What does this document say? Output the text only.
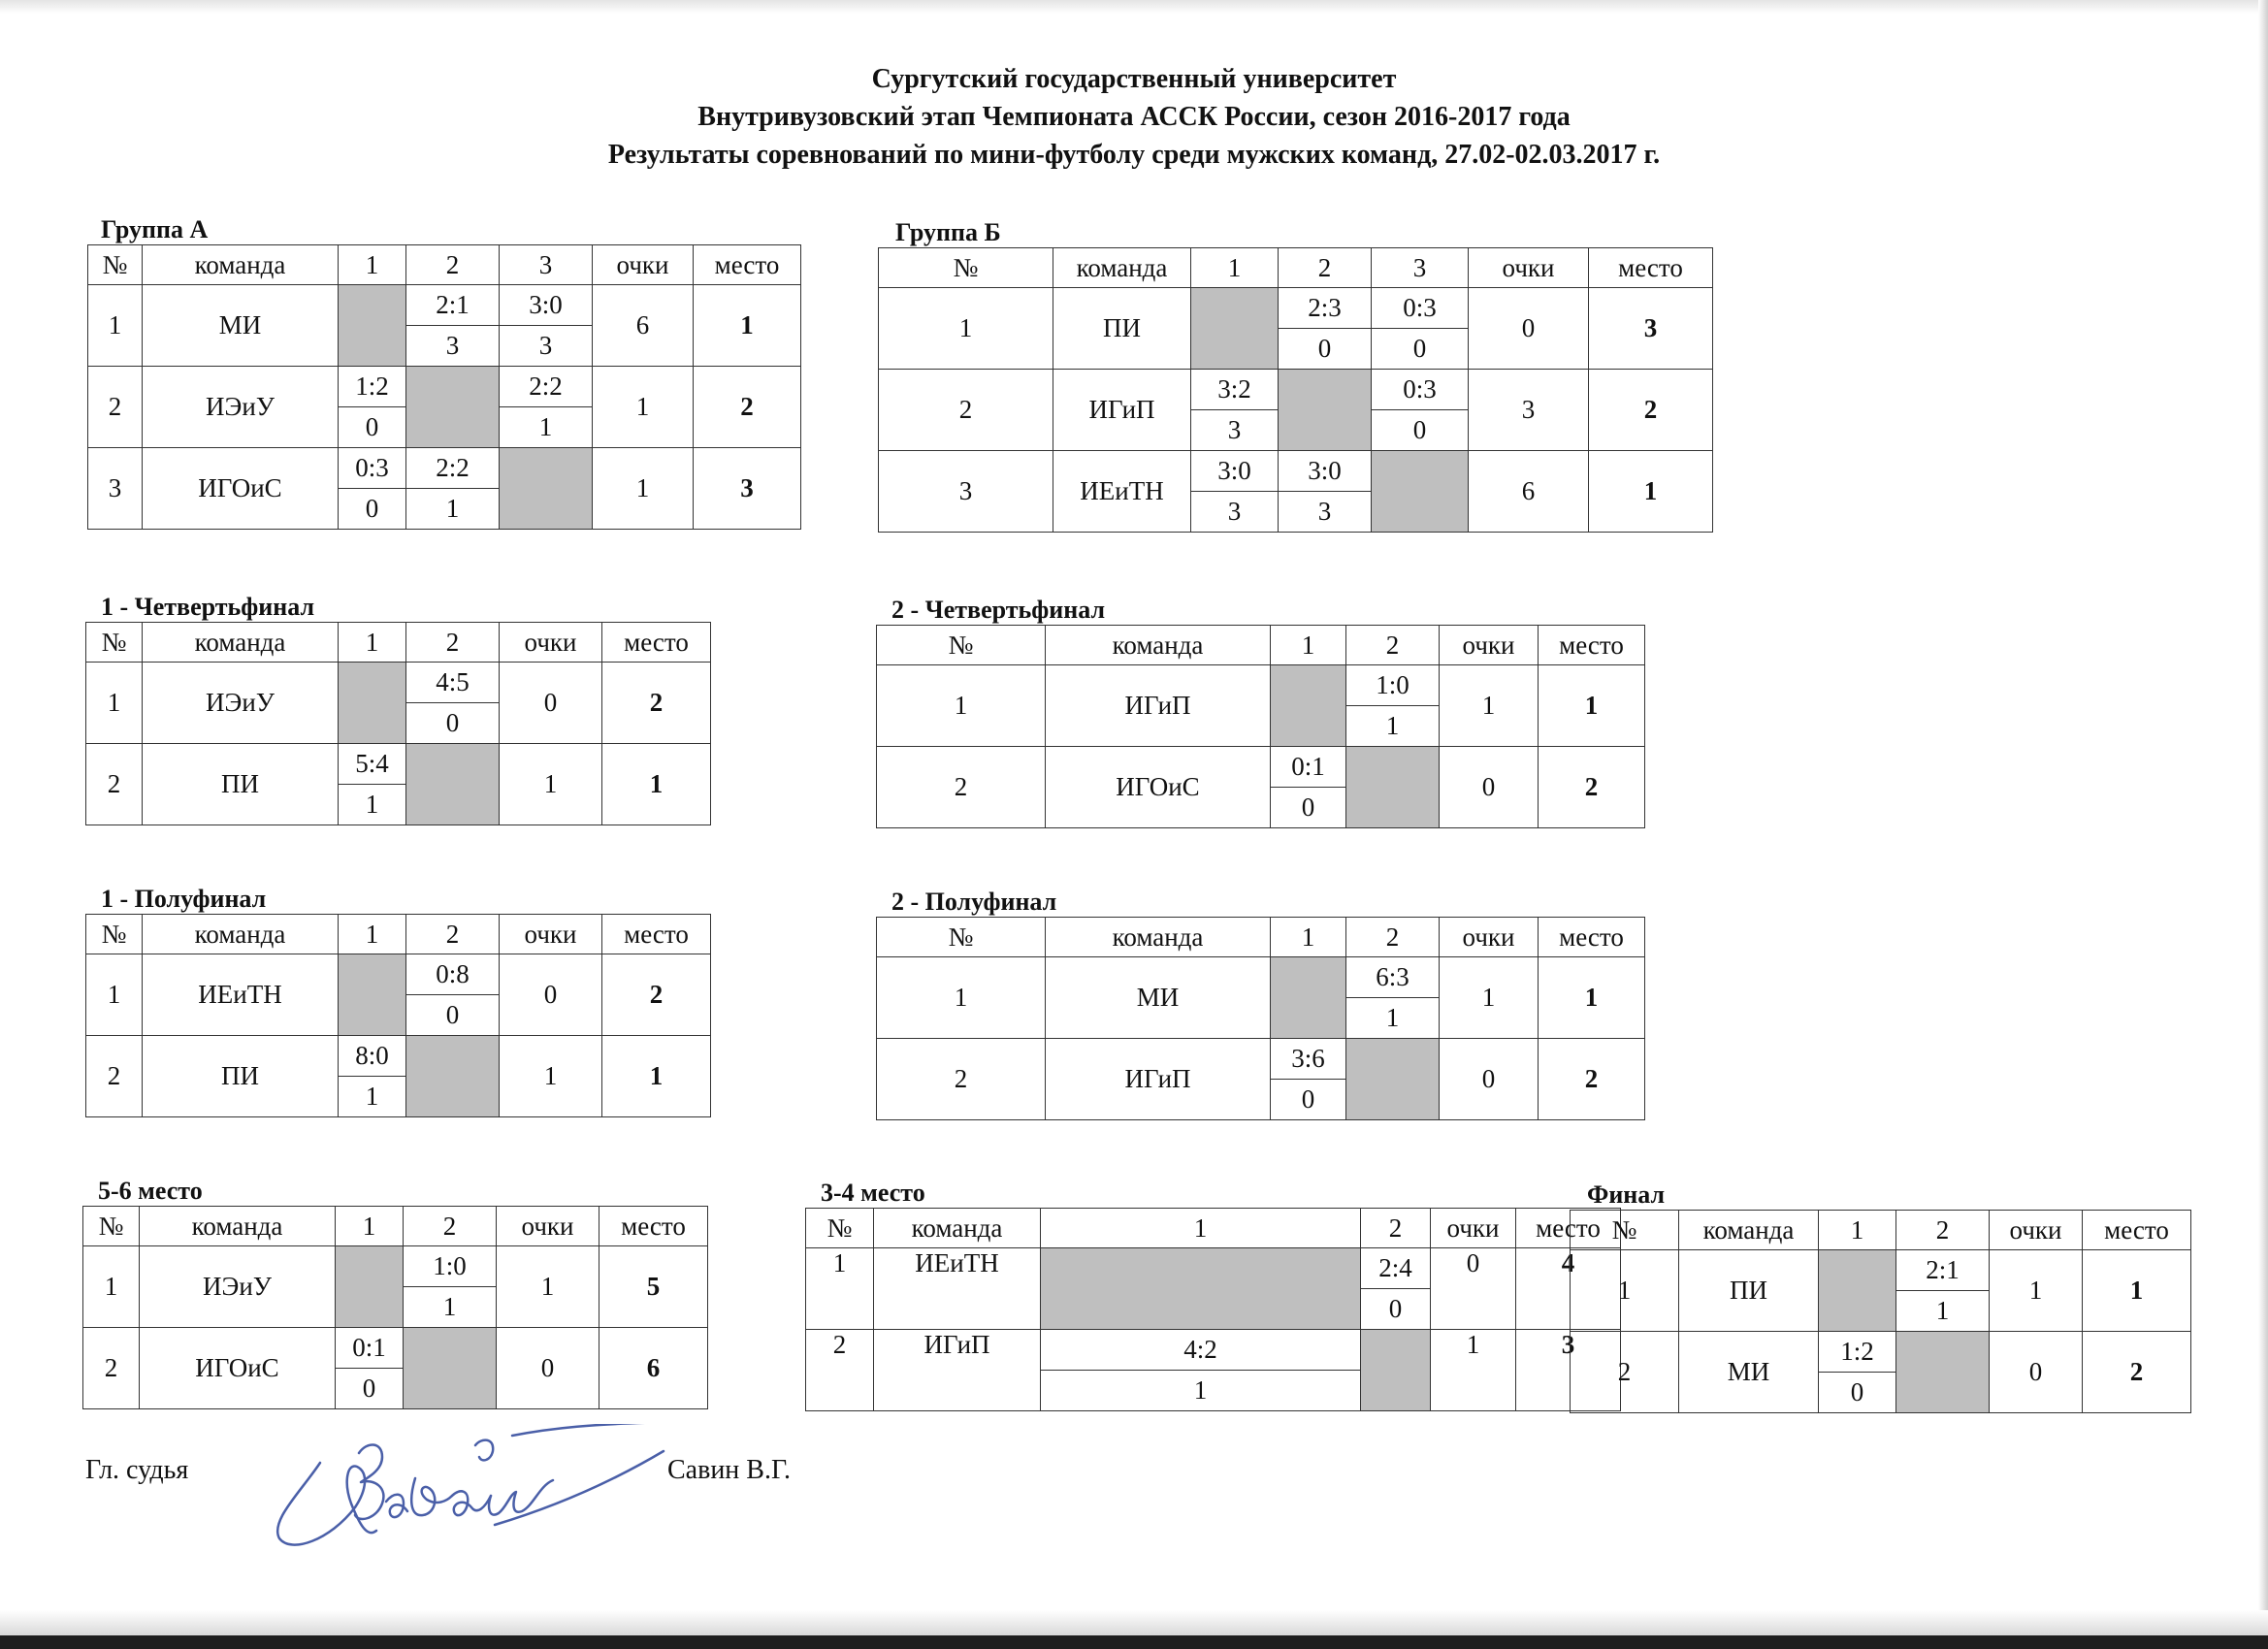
Сургутский государственный университет
Внутривузовский этап Чемпионата АССК России, сезон 2016-2017 года
Результаты соревнований по мини-футболу среди мужских команд, 27.02-02.03.2017 г.
Группа А
№	команда	1	2	3	очки	место
1	МИ		2:1	3:0	6	1
			3	3		
2	ИЭиУ	1:2		2:2	1	2
		0		1		
3	ИГОиС	0:3	2:2		1	3
		0	1			
Группа Б
№	команда	1	2	3	очки	место
1	ПИ		2:3	0:3	0	3
			0	0		
2	ИГиП	3:2		0:3	3	2
		3		0		
3	ИЕиТН	3:0	3:0		6	1
		3	3			
1 - Четвертьфинал
№	команда	1	2	очки	место
1	ИЭиУ		4:5	0	2
			0		
2	ПИ	5:4		1	1
		1			
2 - Четвертьфинал
№	команда	1	2	очки	место
1	ИГиП		1:0	1	1
			1		
2	ИГОиС	0:1		0	2
		0			
1 - Полуфинал
№	команда	1	2	очки	место
1	ИЕиТН		0:8	0	2
			0		
2	ПИ	8:0		1	1
		1			
2 - Полуфинал
№	команда	1	2	очки	место
1	МИ		6:3	1	1
			1		
2	ИГиП	3:6		0	2
		0			
5-6 место
№	команда	1	2	очки	место
1	ИЭиУ		1:0	1	5
			1		
2	ИГОиС	0:1		0	6
		0			
3-4 место
№	команда	1	2	очки	место
1	ИЕиТН		2:4	0	4
			0		
2	ИГиП	4:2		1	3
		1			
Финал
№	команда	1	2	очки	место
1	ПИ		2:1	1	1
			1		
2	МИ	1:2		0	2
		0			
Гл. судья	Савин В.Г.
